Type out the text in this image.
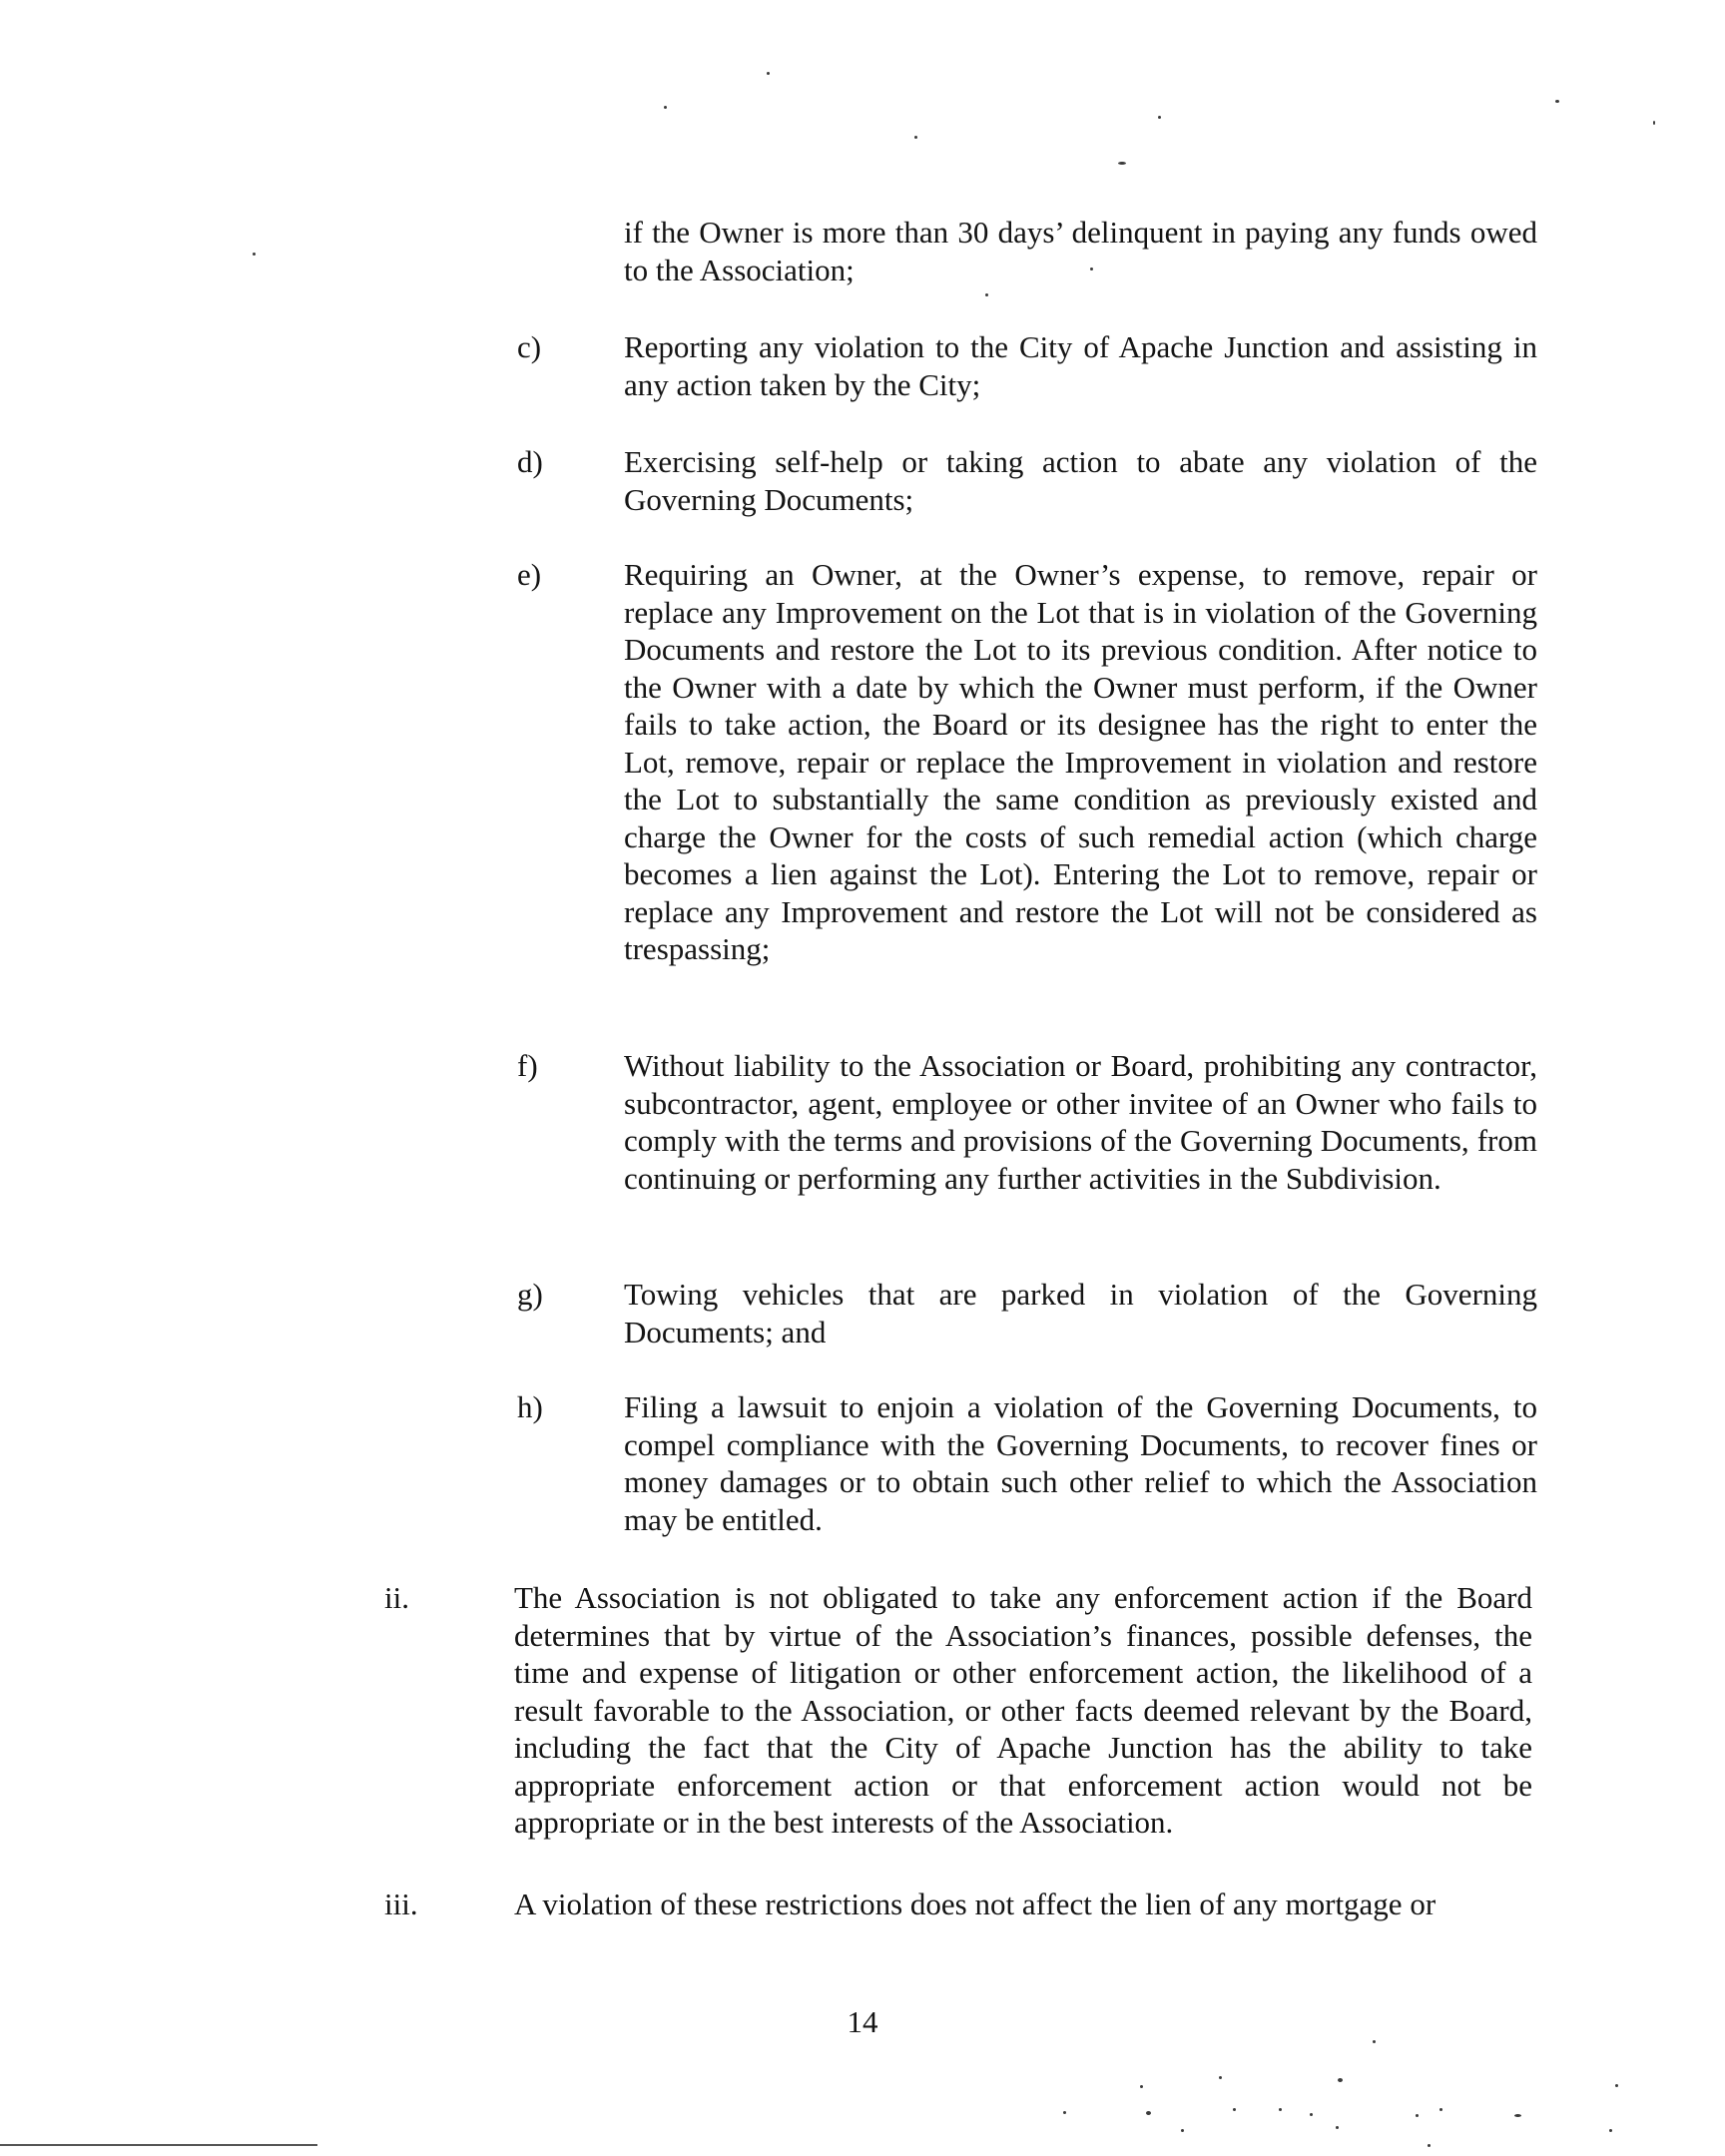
if the Owner is more than 30 days’ delinquent in paying any funds owed to the Association;

c)	Reporting any violation to the City of Apache Junction and assisting in any action taken by the City;

d)	Exercising self-help or taking action to abate any violation of the Governing Documents;

e)	Requiring an Owner, at the Owner’s expense, to remove, repair or replace any Improvement on the Lot that is in violation of the Governing Documents and restore the Lot to its previous condition. After notice to the Owner with a date by which the Owner must perform, if the Owner fails to take action, the Board or its designee has the right to enter the Lot, remove, repair or replace the Improvement in violation and restore the Lot to substantially the same condition as previously existed and charge the Owner for the costs of such remedial action (which charge becomes a lien against the Lot). Entering the Lot to remove, repair or replace any Improvement and restore the Lot will not be considered as trespassing;

f)	Without liability to the Association or Board, prohibiting any contractor, subcontractor, agent, employee or other invitee of an Owner who fails to comply with the terms and provisions of the Governing Documents, from continuing or performing any further activities in the Subdivision.

g)	Towing vehicles that are parked in violation of the Governing Documents; and

h)	Filing a lawsuit to enjoin a violation of the Governing Documents, to compel compliance with the Governing Documents, to recover fines or money damages or to obtain such other relief to which the Association may be entitled.

ii.	The Association is not obligated to take any enforcement action if the Board determines that by virtue of the Association’s finances, possible defenses, the time and expense of litigation or other enforcement action, the likelihood of a result favorable to the Association, or other facts deemed relevant by the Board, including the fact that the City of Apache Junction has the ability to take appropriate enforcement action or that enforcement action would not be appropriate or in the best interests of the Association.

iii.	A violation of these restrictions does not affect the lien of any mortgage or

14
